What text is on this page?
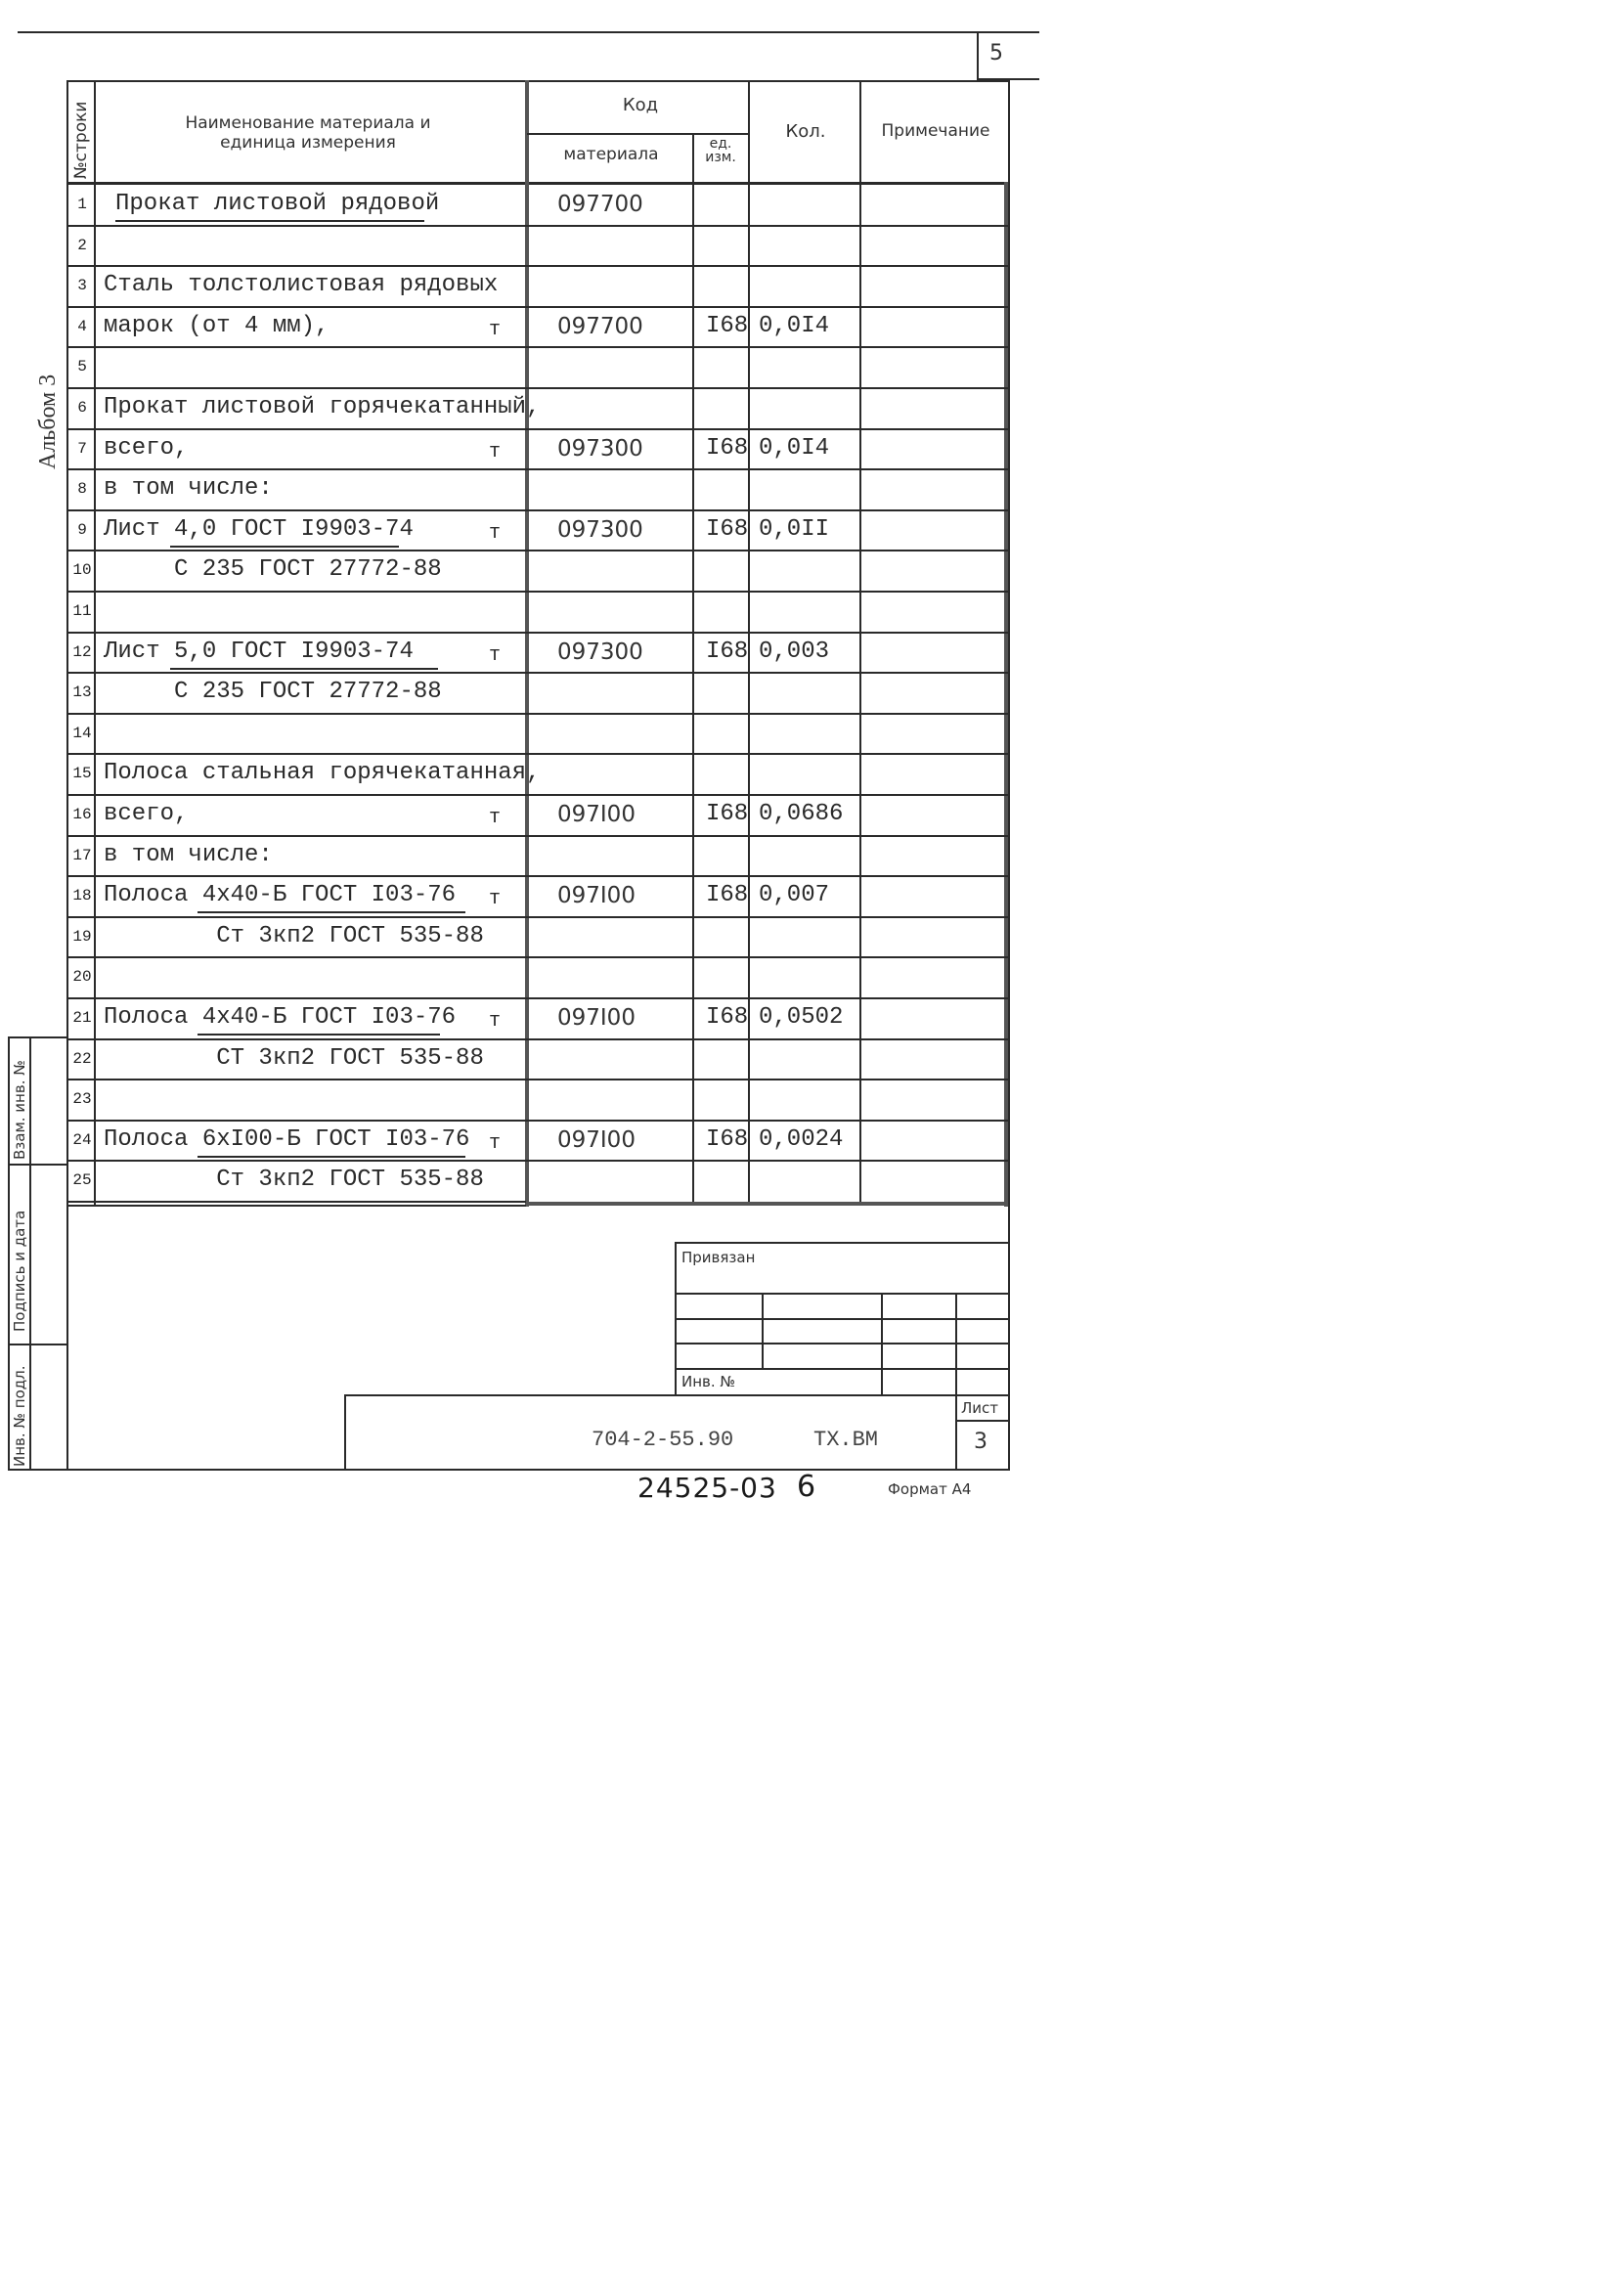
5
Альбом 3
№строки	Наименование материала и единица измерения
Код
материала
ед. изм.
Кол.	Примечание
1 Прокат листовой рядовой	097700
2
3 Сталь толстолистовая рядовых
4 марок (от 4 мм),	т	097700	I68 0,0I4
5
6 Прокат листовой горячекатанный,
7 всего,	т	097300	I68 0,0I4
8 в том числе:
9 Лист 4,0 ГОСТ I9903-74	т	097300	I68 0,0II
10 С 235 ГОСТ 27772-88
11
12 Лист 5,0 ГОСТ I9903-74	т	097300	I68 0,003
13 С 235 ГОСТ 27772-88
14
15 Полоса стальная горячекатанная,
16 всего,	т	097I00	I68 0,0686
17 в том числе:
18 Полоса 4x40-Б ГОСТ I03-76 т	097I00	I68 0,007
19 Ст 3кп2 ГОСТ 535-88
20
21 Полоса 4x40-Б ГОСТ I03-76 т	097I00	I68 0,0502
22 СТ 3кп2 ГОСТ 535-88
23
24 Полоса 6xI00-Б ГОСТ I03-76 т	097I00	I68 0,0024
25 Ст 3кп2 ГОСТ 535-88
Взам. инв. №
Подпись и дата
Инв. № подл.
Привязан
Инв. №
Лист
704-2-55.90	ТХ.ВМ	3
24525-03 6	Формат А4
